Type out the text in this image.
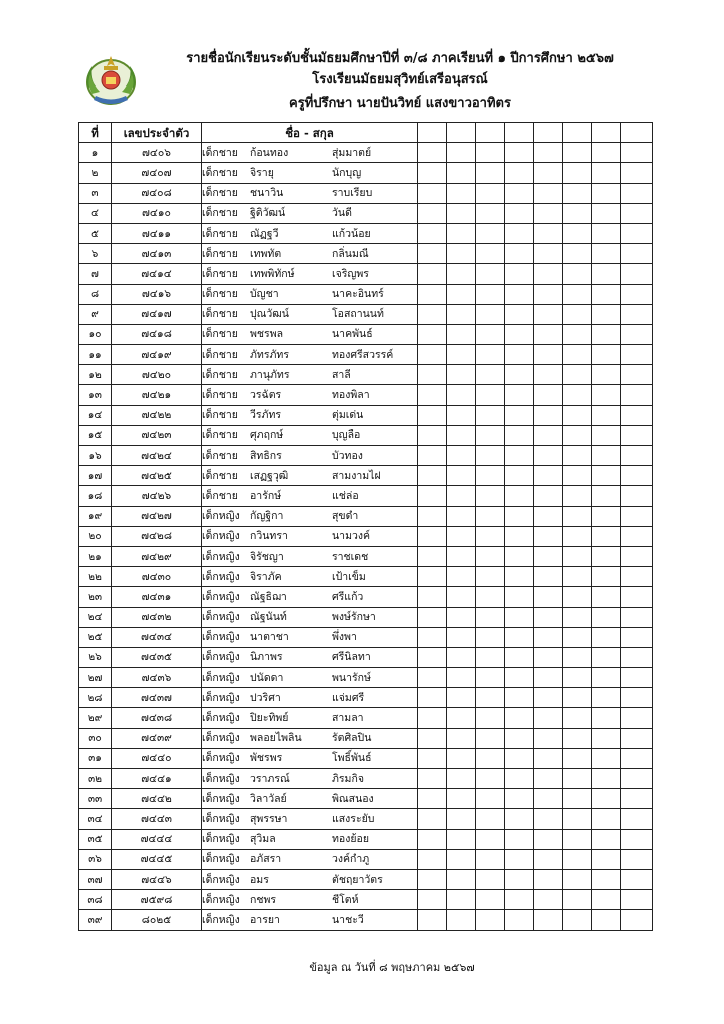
รายชื่อนักเรียนระดับชั้นมัธยมศึกษาปีที่ ๓/๘ ภาคเรียนที่ ๑ ปีการศึกษา ๒๕๖๗
โรงเรียนมัธยมสุวิทย์เสรีอนุสรณ์
ครูที่ปรึกษา นายปันวิทย์ แสงขาวอาทิตร
ที่	เลขประจำตัว	ชื่อ - สกุล								
๑	๗๔๐๖	เด็กชาย ก้อนทอง สุ่มมาตย์								
๒	๗๔๐๗	เด็กชาย จิรายุ นักบุญ								
๓	๗๔๐๘	เด็กชาย ชนาวิน ราบเรียบ								
๔	๗๔๑๐	เด็กชาย ฐิติวัฒน์ วันดี								
๕	๗๔๑๑	เด็กชาย ณัฏฐวี แก้วน้อย								
๖	๗๔๑๓	เด็กชาย เทพทัต กลิ่นมณี								
๗	๗๔๑๔	เด็กชาย เทพพิทักษ์ เจริญพร								
๘	๗๔๑๖	เด็กชาย บัญชา นาคะอินทร์								
๙	๗๔๑๗	เด็กชาย ปุณวัฒน์ โอสถานนท์								
๑๐	๗๔๑๘	เด็กชาย พชรพล นาคพันธ์								
๑๑	๗๔๑๙	เด็กชาย ภัทรภัทร ทองศรีสวรรค์								
๑๒	๗๔๒๐	เด็กชาย ภานุภัทร สาลี								
๑๓	๗๔๒๑	เด็กชาย วรฉัตร ทองพิลา								
๑๔	๗๔๒๒	เด็กชาย วีรภัทร ตุ่มเด่น								
๑๕	๗๔๒๓	เด็กชาย ศุภฤกษ์ บุญลือ								
๑๖	๗๔๒๔	เด็กชาย สิทธิกร บัวทอง								
๑๗	๗๔๒๕	เด็กชาย เสฏฐวุฒิ สามงามไฝ								
๑๘	๗๔๒๖	เด็กชาย อารักษ์ แช่ล่อ								
๑๙	๗๔๒๗	เด็กหญิง กัญฐิกา สุขดำ								
๒๐	๗๔๒๘	เด็กหญิง กวินทรา นามวงค์								
๒๑	๗๔๒๙	เด็กหญิง จิรัชญา ราชเดช								
๒๒	๗๔๓๐	เด็กหญิง จิราภัค เป้าเข็ม								
๒๓	๗๔๓๑	เด็กหญิง ณัฐธิฌา ศรีแก้ว								
๒๔	๗๔๓๒	เด็กหญิง ณัฐนันท์ พงษ์รักษา								
๒๕	๗๔๓๔	เด็กหญิง นาตาชา พึ่งพา								
๒๖	๗๔๓๕	เด็กหญิง นิภาพร ศรีนิลทา								
๒๗	๗๔๓๖	เด็กหญิง ปนัดดา พนารักษ์								
๒๘	๗๔๓๗	เด็กหญิง ปวริศา แจ่มศรี								
๒๙	๗๔๓๘	เด็กหญิง ปิยะทิพย์ สามลา								
๓๐	๗๔๓๙	เด็กหญิง พลอยไพลิน รัตศิลปิน								
๓๑	๗๔๔๐	เด็กหญิง พัชรพร โพธิ์พันธ์								
๓๒	๗๔๔๑	เด็กหญิง วราภรณ์ ภิรมกิจ								
๓๓	๗๔๔๒	เด็กหญิง วิลาวัลย์ พิณสนอง								
๓๔	๗๔๔๓	เด็กหญิง สุพรรษา แสงระยับ								
๓๕	๗๔๔๔	เด็กหญิง สุวิมล ทองย้อย								
๓๖	๗๔๔๕	เด็กหญิง อภัสรา วงค์กำภู								
๓๗	๗๔๔๖	เด็กหญิง อมร ตัชฤยาวัตร								
๓๘	๗๕๙๘	เด็กหญิง กชพร ชีโตห์								
๓๙	๘๐๒๕	เด็กหญิง อารยา นาชะวี								
ข้อมูล ณ วันที่ ๘ พฤษภาคม ๒๕๖๗
